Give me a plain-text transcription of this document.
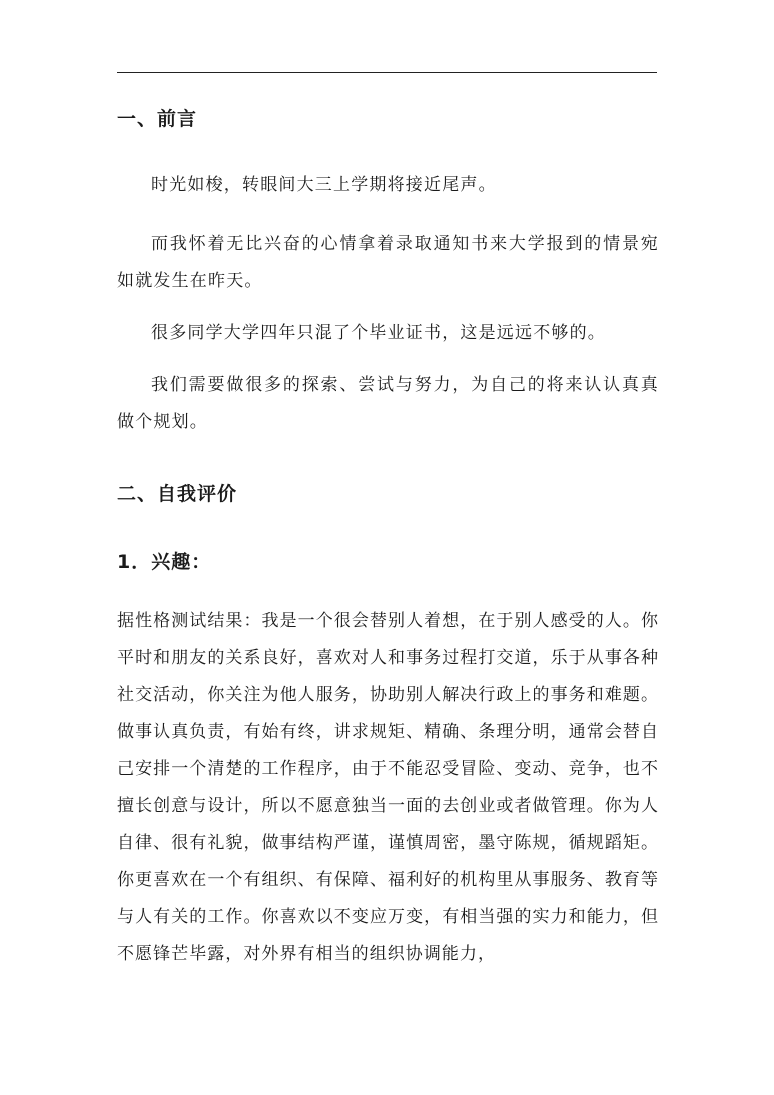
一、前言

时光如梭，转眼间大三上学期将接近尾声。

而我怀着无比兴奋的心情拿着录取通知书来大学报到的情景宛如就发生在昨天。

很多同学大学四年只混了个毕业证书，这是远远不够的。

我们需要做很多的探索、尝试与努力，为自己的将来认认真真做个规划。

二、自我评价
1．兴趣：

据性格测试结果：我是一个很会替别人着想，在于别人感受的人。你平时和朋友的关系良好，喜欢对人和事务过程打交道，乐于从事各种社交活动，你关注为他人服务，协助别人解决行政上的事务和难题。做事认真负责，有始有终，讲求规矩、精确、条理分明，通常会替自己安排一个清楚的工作程序，由于不能忍受冒险、变动、竞争，也不擅长创意与设计，所以不愿意独当一面的去创业或者做管理。你为人自律、很有礼貌，做事结构严谨，谨慎周密，墨守陈规，循规蹈矩。你更喜欢在一个有组织、有保障、福利好的机构里从事服务、教育等与人有关的工作。你喜欢以不变应万变，有相当强的实力和能力，但不愿锋芒毕露，对外界有相当的组织协调能力，
